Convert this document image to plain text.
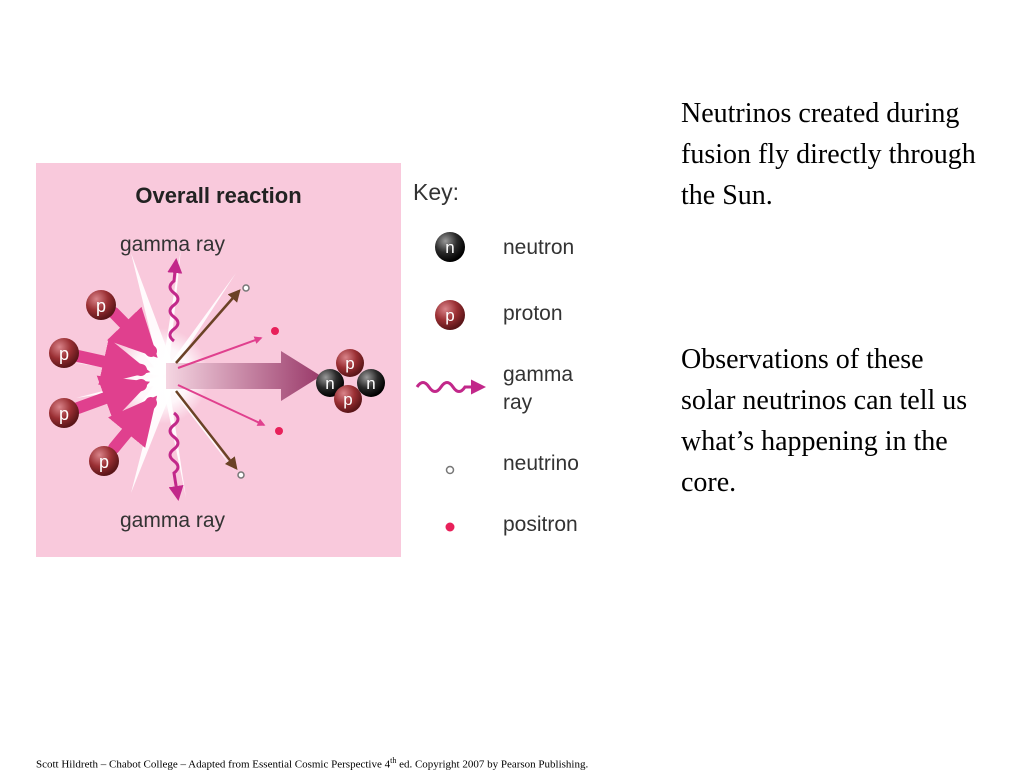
p
p
p
p
n n
p
p
Overall reaction
gamma ray
gamma ray
Key:
n neutron
p proton
gamma
ray
neutrino
positron
Neutrinos created during fusion fly directly through the Sun.
Observations of these solar neutrinos can tell us what’s happening in the core.
Scott Hildreth – Chabot College – Adapted from Essential Cosmic Perspective 4th ed. Copyright 2007 by Pearson Publishing.
